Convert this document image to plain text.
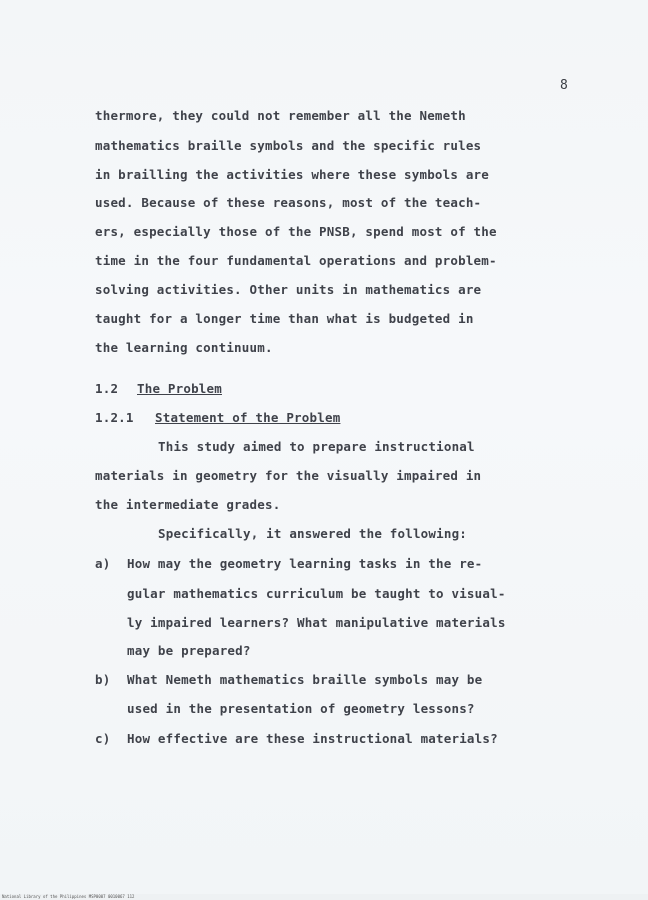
8
thermore, they could not remember all the Nemeth
mathematics braille symbols and the specific rules
in brailling the activities where these symbols are
used. Because of these reasons, most of the teach-
ers, especially those of the PNSB, spend most of the
time in the four fundamental operations and problem-
solving activities. Other units in mathematics are
taught for a longer time than what is budgeted in
the learning continuum.
1.2 The Problem
1.2.1 Statement of the Problem
This study aimed to prepare instructional
materials in geometry for the visually impaired in
the intermediate grades.
Specifically, it answered the following:
a) How may the geometry learning tasks in the re-
gular mathematics curriculum be taught to visual-
ly impaired learners? What manipulative materials
may be prepared?
b) What Nemeth mathematics braille symbols may be
used in the presentation of geometry lessons?
c) How effective are these instructional materials?
National Library of the Philippines MSP0007 0010067 112
